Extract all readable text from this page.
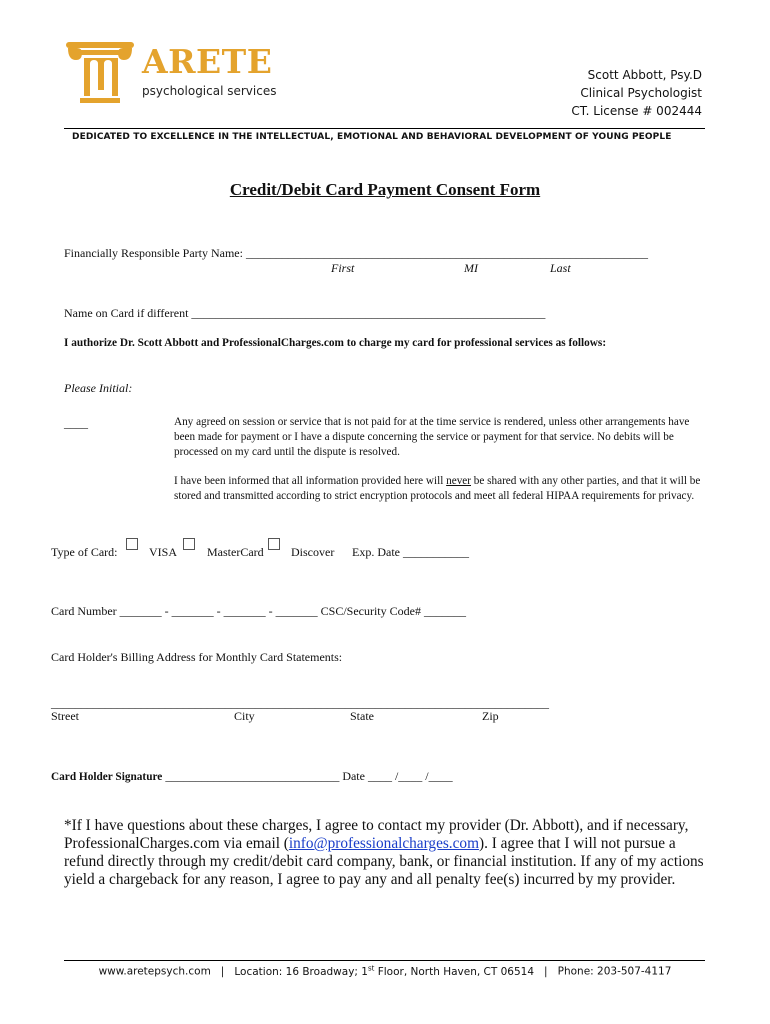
ARETE
psychological services
Scott Abbott, Psy.D
Clinical Psychologist
CT. License # 002444
DEDICATED TO EXCELLENCE IN THE INTELLECTUAL, EMOTIONAL AND BEHAVIORAL DEVELOPMENT OF YOUNG PEOPLE
Credit/Debit Card Payment Consent Form
Financially Responsible Party Name: ___________________________________________________________________
First	MI	Last
Name on Card if different ___________________________________________________________
I authorize Dr. Scott Abbott and ProfessionalCharges.com to charge my card for professional services as follows:
Please Initial:
____	Any agreed on session or service that is not paid for at the time service is rendered, unless other arrangements have been made for payment or I have a dispute concerning the service or payment for that service. No debits will be processed on my card until the dispute is resolved.
I have been informed that all information provided here will never be shared with any other parties, and that it will be stored and transmitted according to strict encryption protocols and meet all federal HIPAA requirements for privacy.
Type of Card:	VISA MasterCard Discover Exp. Date ___________
Card Number _______ - _______ - _______ - _______ CSC/Security Code# _______
Card Holder's Billing Address for Monthly Card Statements:
___________________________________________________________________________________
Street	City	State	Zip
Card Holder Signature _____________________________ Date ____ /____ /____
*If I have questions about these charges, I agree to contact my provider (Dr. Abbott), and if necessary, ProfessionalCharges.com via email (info@professionalcharges.com). I agree that I will not pursue a refund directly through my credit/debit card company, bank, or financial institution. If any of my actions yield a chargeback for any reason, I agree to pay any and all penalty fee(s) incurred by my provider.
www.aretepsych.com   |   Location: 16 Broadway; 1st Floor, North Haven, CT 06514   |   Phone: 203-507-4117
